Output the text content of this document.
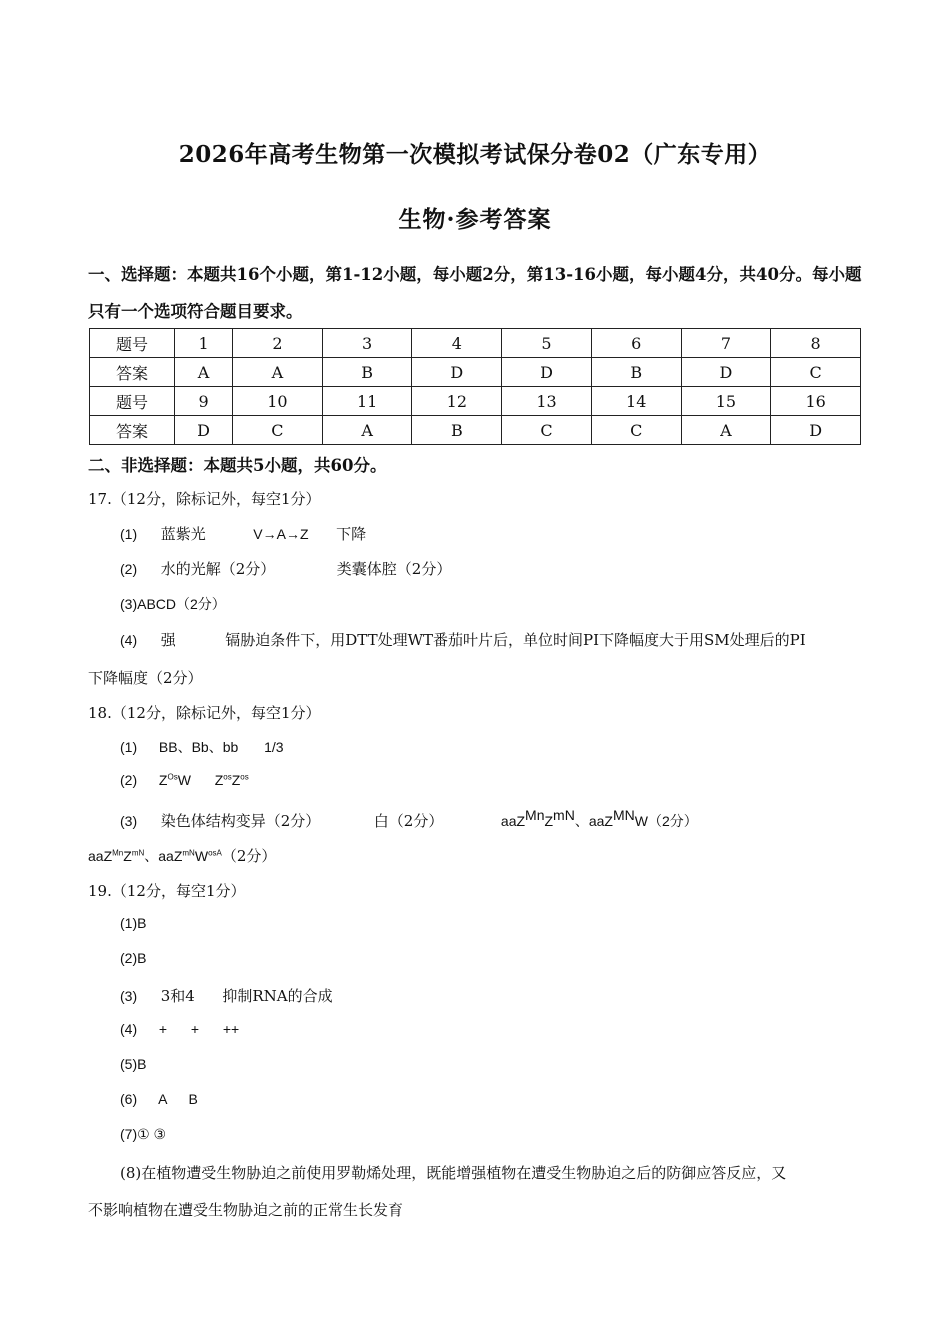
2026年高考生物第一次模拟考试保分卷02（广东专用）
生物·参考答案
一、选择题：本题共16个小题，第1-12小题，每小题2分，第13-16小题，每小题4分，共40分。每小题只有一个选项符合题目要求。
题号	1	2	3	4	5	6	7	8
答案	A	A	B	D	D	B	D	C
题号	9	10	11	12	13	14	15	16
答案	D	C	A	B	C	C	A	D
二、非选择题：本题共5小题，共60分。
17.（12分，除标记外，每空1分）
(1) 蓝紫光	V→A→Z 下降
(2) 水的光解（2分）	类囊体腔（2分）
(3)ABCD（2分）
(4) 强	镉胁迫条件下，用DTT处理WT番茄叶片后，单位时间PI下降幅度大于用SM处理后的PI
下降幅度（2分）
18.（12分，除标记外，每空1分）
(1) BB、Bb、bb 1/3
(2) $Z^{Os}W$ $Z^{os}Z^{os}$
(3) 染色体结构变异（2分）	白（2分）	$aaZ^{Mn}Z^{mN}$、aaZ$^{MN}$W（2分）
$aaZ^{Mn}Z^{mN}$、$aaZ^{mN}W^{osA}(2$分）
19.（12分，每空1分）
(1)B
(2)B
(3) 3和4 抑制RNA的合成
(4) + + ++
(5)B
(6) A B
(7)① ③
(8)在植物遭受生物胁迫之前使用罗勒烯处理，既能增强植物在遭受生物胁迫之后的防御应答反应，又
不影响植物在遭受生物胁迫之前的正常生长发育
